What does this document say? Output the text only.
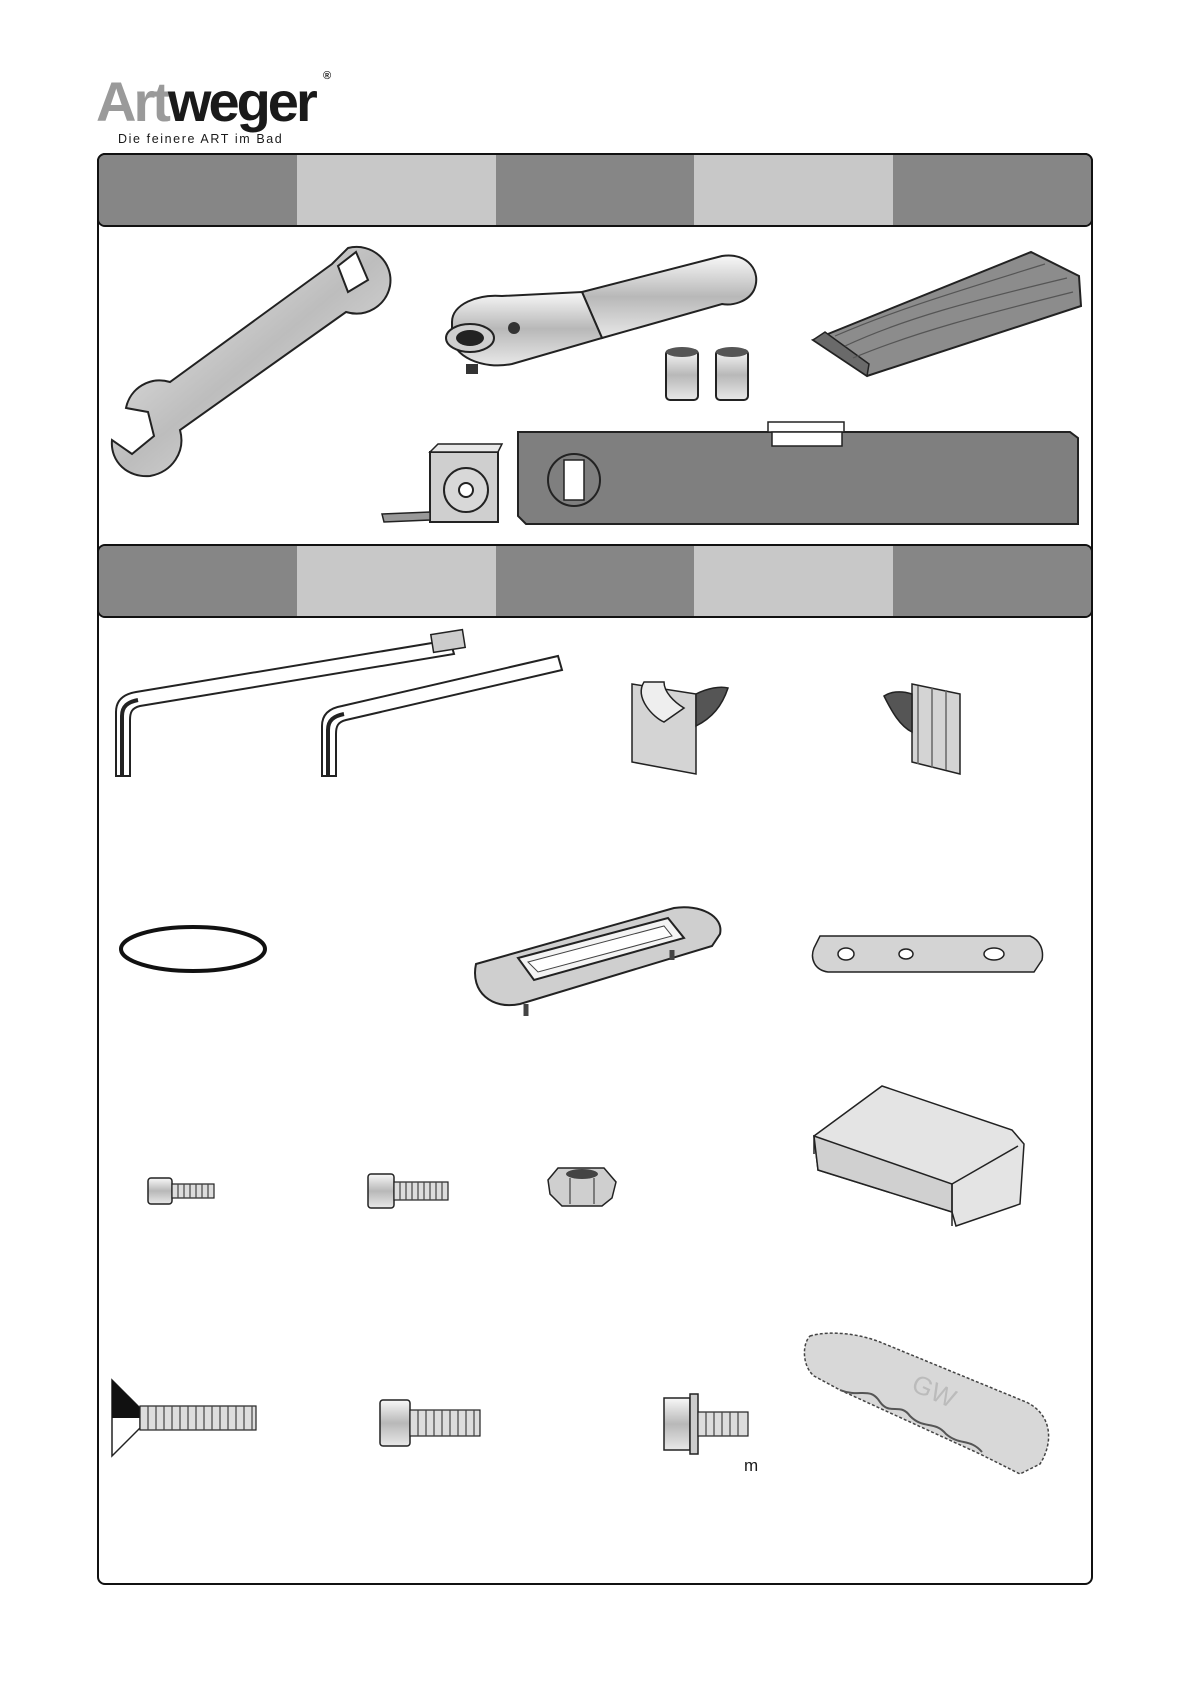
Artweger ®
Die feinere ART im Bad
m
GW
